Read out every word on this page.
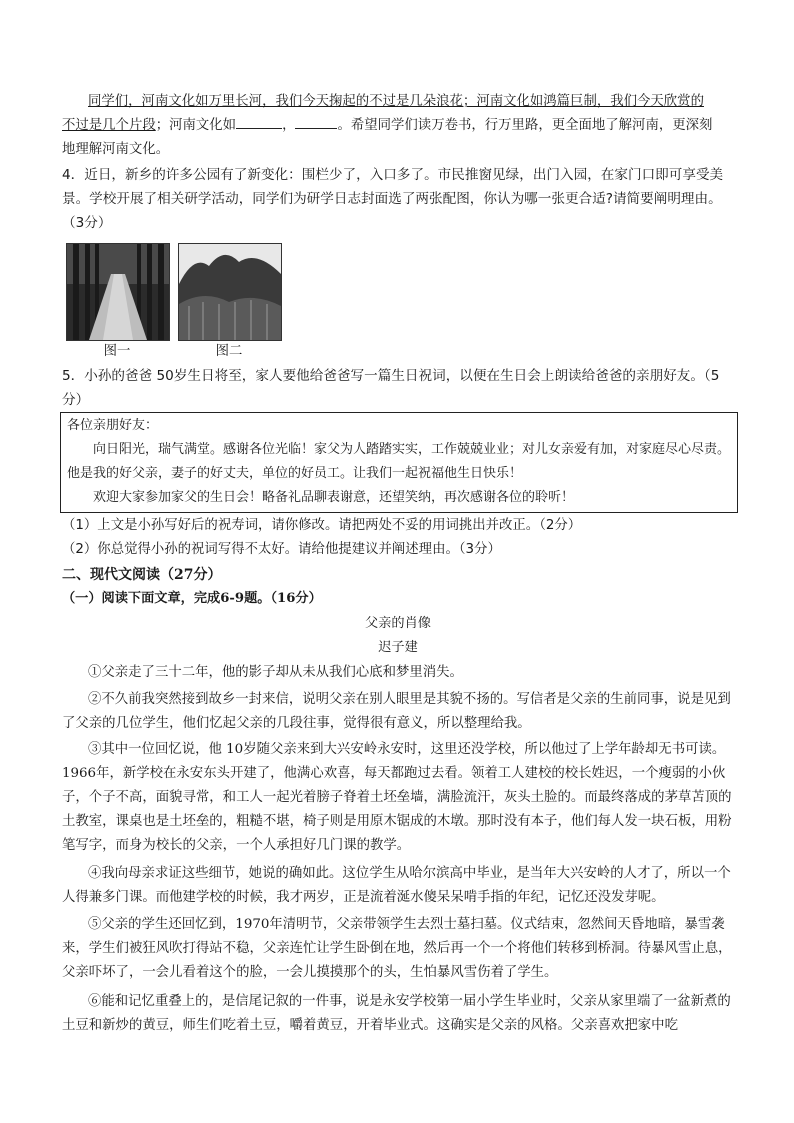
同学们，河南文化如万里长河，我们今天掬起的不过是几朵浪花；河南文化如鸿篇巨制，我们今天欣赏的
不过是几个片段；河南文化如	，	。希望同学们读万卷书，行万里路，更全面地了解河南，更深刻
地理解河南文化。

4．近日，新乡的许多公园有了新变化：围栏少了，入口多了。市民推窗见绿，出门入园，在家门口即可享受美景。学校开展了相关研学活动，同学们为研学日志封面选了两张配图，你认为哪一张更合适?请简要阐明理由。（3分）

图一	图二

5．小孙的爸爸 50岁生日将至，家人要他给爸爸写一篇生日祝词，以便在生日会上朗读给爸爸的亲朋好友。（5分）

各位亲朋好友：

向日阳光，瑞气满堂。感谢各位光临！家父为人踏踏实实，工作兢兢业业；对儿女亲爱有加，对家庭尽心尽责。他是我的好父亲，妻子的好丈夫，单位的好员工。让我们一起祝福他生日快乐！

欢迎大家参加家父的生日会！略备礼品聊表谢意，还望笑纳，再次感谢各位的聆听！

（1）上文是小孙写好后的祝寿词，请你修改。请把两处不妥的用词挑出并改正。（2分）

（2）你总觉得小孙的祝词写得不太好。请给他提建议并阐述理由。（3分）

二、现代文阅读（27分）

（一）阅读下面文章，完成6-9题。（16分）

父亲的肖像

迟子建

①父亲走了三十二年，他的影子却从未从我们心底和梦里消失。

②不久前我突然接到故乡一封来信，说明父亲在别人眼里是其貌不扬的。写信者是父亲的生前同事，说是见到了父亲的几位学生，他们忆起父亲的几段往事，觉得很有意义，所以整理给我。

③其中一位回忆说，他 10岁随父亲来到大兴安岭永安时，这里还没学校，所以他过了上学年龄却无书可读。1966年，新学校在永安东头开建了，他满心欢喜，每天都跑过去看。领着工人建校的校长姓迟，一个瘦弱的小伙子，个子不高，面貌寻常，和工人一起光着膀子脊着土坯垒墙，满脸流汗，灰头土脸的。而最终落成的茅草苫顶的土教室，课桌也是土坯垒的，粗糙不堪，椅子则是用原木锯成的木墩。那时没有本子，他们每人发一块石板，用粉笔写字，而身为校长的父亲，一个人承担好几门课的教学。

④我向母亲求证这些细节，她说的确如此。这位学生从哈尔滨高中毕业，是当年大兴安岭的人才了，所以一个人得兼多门课。而他建学校的时候，我才两岁，正是流着涎水傻呆呆啃手指的年纪，记忆还没发芽呢。

⑤父亲的学生还回忆到，1970年清明节，父亲带领学生去烈士墓扫墓。仪式结束，忽然间天昏地暗，暴雪袭来，学生们被狂风吹打得站不稳，父亲连忙让学生卧倒在地，然后再一个一个将他们转移到桥洞。待暴风雪止息，父亲吓坏了，一会儿看着这个的脸，一会儿摸摸那个的头，生怕暴风雪伤着了学生。

⑥能和记忆重叠上的，是信尾记叙的一件事，说是永安学校第一届小学生毕业时，父亲从家里端了一盆新煮的土豆和新炒的黄豆，师生们吃着土豆，嚼着黄豆，开着毕业式。这确实是父亲的风格。父亲喜欢把家中吃
